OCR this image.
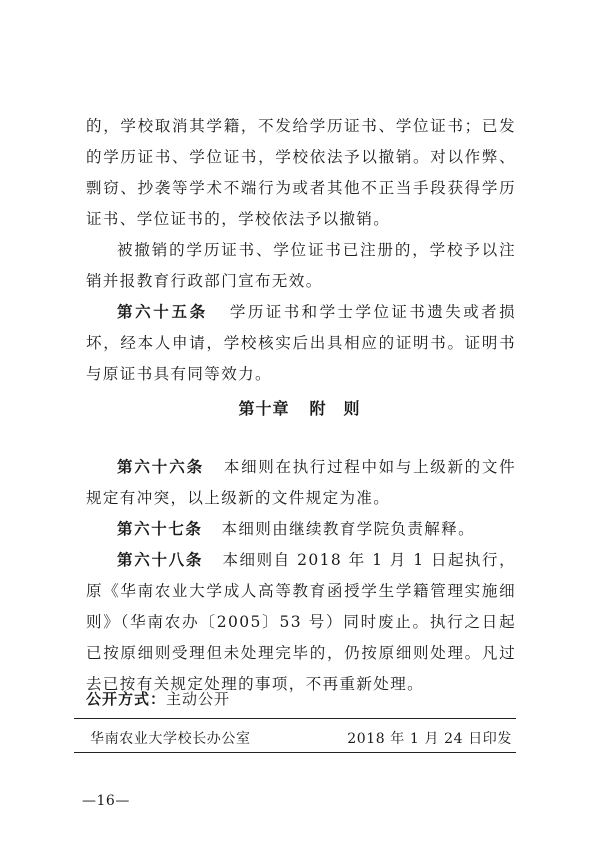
的，学校取消其学籍，不发给学历证书、学位证书；已发的学历证书、学位证书，学校依法予以撤销。对以作弊、剽窃、抄袭等学术不端行为或者其他不正当手段获得学历证书、学位证书的，学校依法予以撤销。

被撤销的学历证书、学位证书已注册的，学校予以注销并报教育行政部门宣布无效。

第六十五条 学历证书和学士学位证书遗失或者损坏，经本人申请，学校核实后出具相应的证明书。证明书与原证书具有同等效力。

第十章 附　则

第六十六条 本细则在执行过程中如与上级新的文件规定有冲突，以上级新的文件规定为准。

第六十七条 本细则由继续教育学院负责解释。

第六十八条 本细则自 2018 年 1 月 1 日起执行，原《华南农业大学成人高等教育函授学生学籍管理实施细则》（华南农办〔2005〕53 号）同时废止。执行之日起已按原细则受理但未处理完毕的，仍按原细则处理。凡过去已按有关规定处理的事项，不再重新处理。

公开方式：主动公开
华南农业大学校长办公室	2018 年 1 月 24 日印发
—16—
